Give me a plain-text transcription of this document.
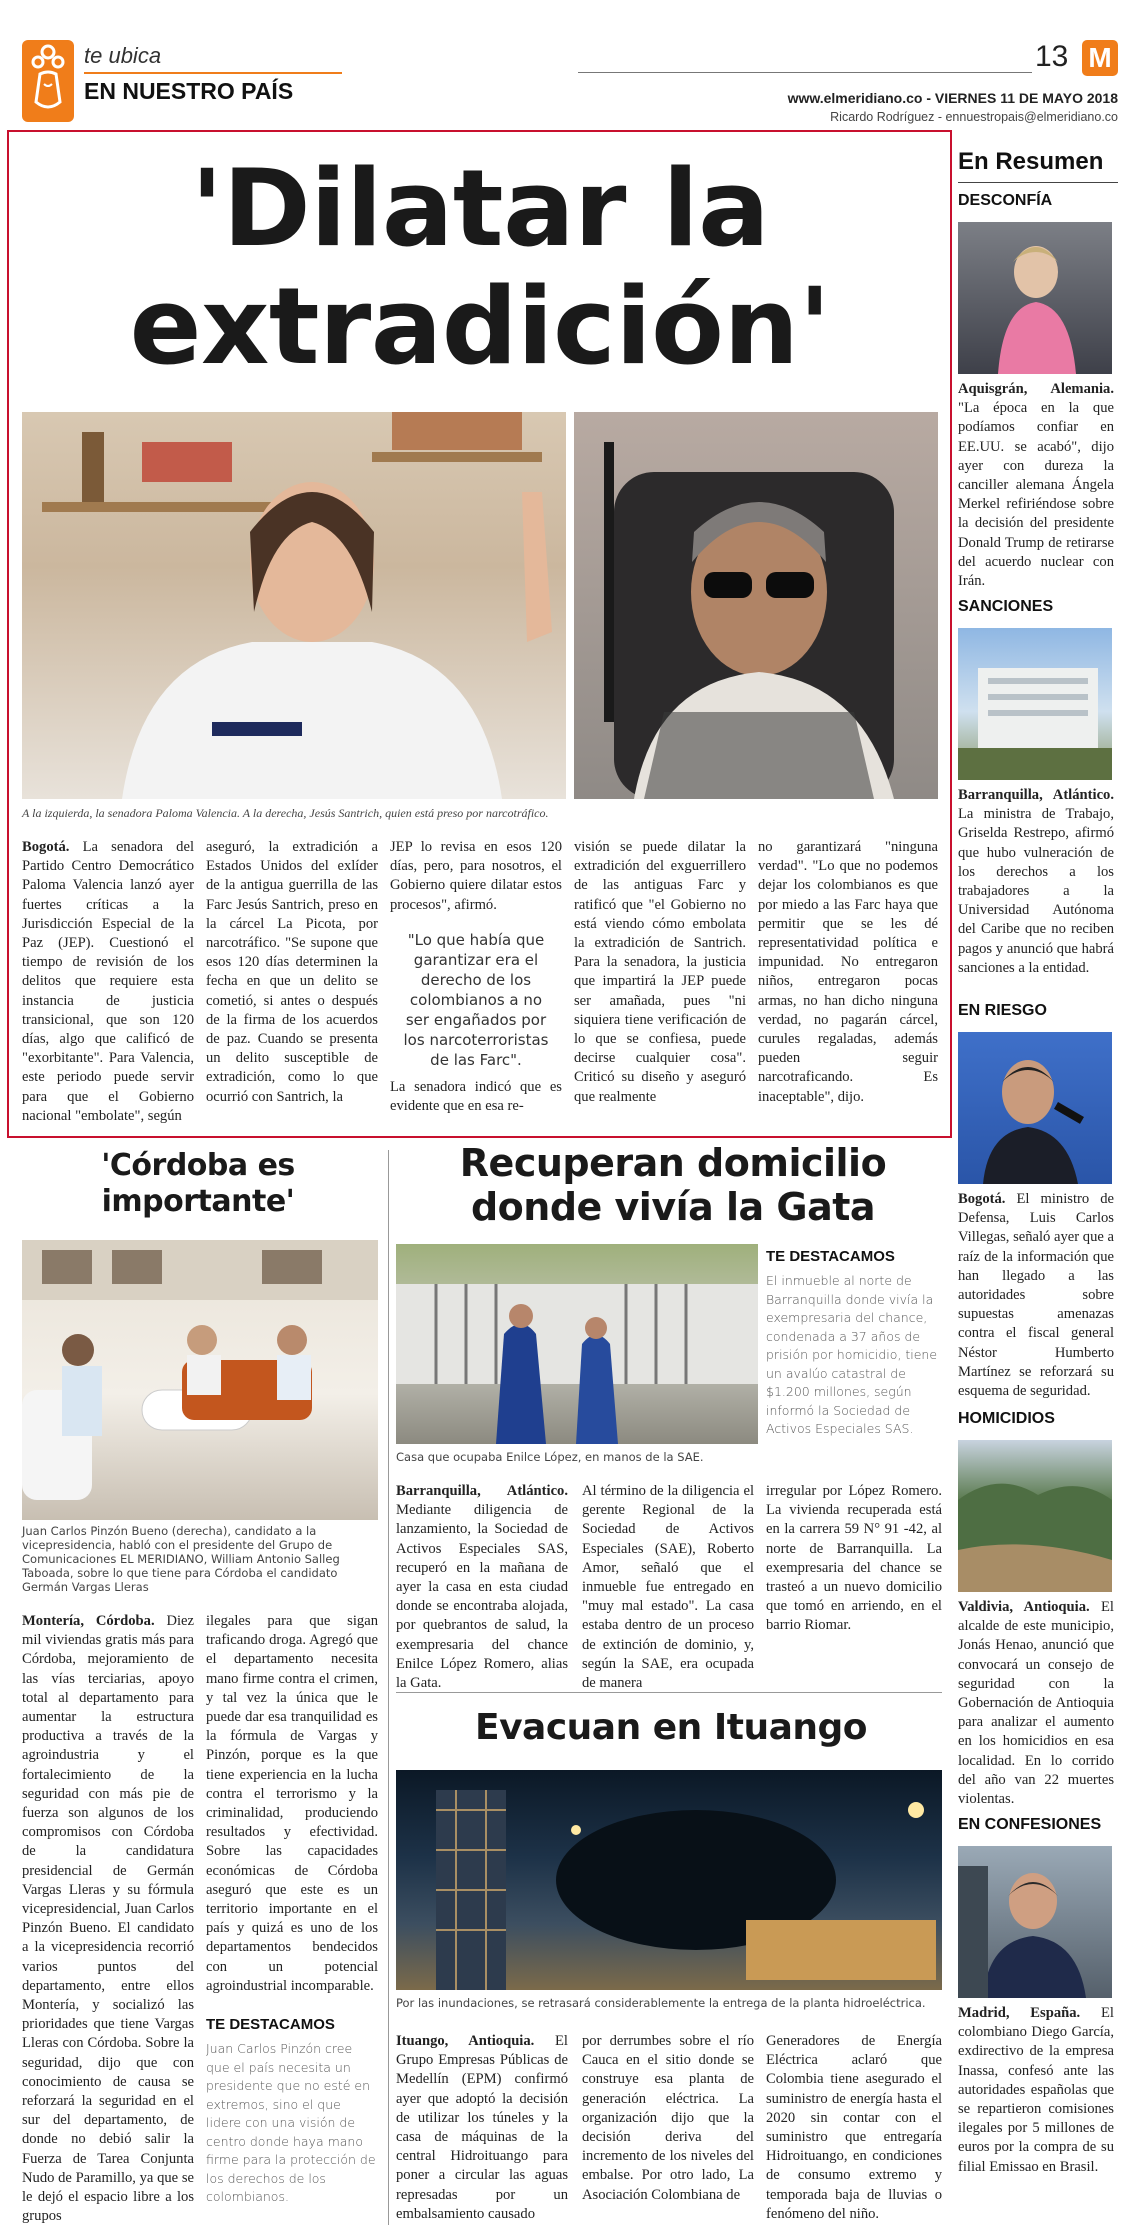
te ubica
EN NUESTRO PAÍS
13 M
www.elmeridiano.co - VIERNES 11 DE MAYO 2018
Ricardo Rodríguez - ennuestropais@elmeridiano.co
'Dilatar la
extradición'
A la izquierda, la senadora Paloma Valencia. A la derecha, Jesús Santrich, quien está preso por narcotráfico.

Bogotá. La senadora del Partido Centro Democrático Paloma Valencia lanzó ayer fuertes críticas a la Jurisdicción Especial de la Paz (JEP). Cuestionó el tiempo de revisión de los delitos que requiere esta instancia de justicia transicional, que son 120 días, algo que calificó de "exorbitante". Para Valencia, este periodo puede servir para que el Gobierno nacional "embolate", según

aseguró, la extradición a Estados Unidos del exlíder de la antigua guerrilla de las Farc Jesús Santrich, preso en la cárcel La Picota, por narcotráfico. "Se supone que esos 120 días determinen la fecha en que un delito se cometió, si antes o después de la firma de los acuerdos de paz. Cuando se presenta un delito susceptible de extradición, como lo que ocurrió con Santrich, la

JEP lo revisa en esos 120 días, pero, para nosotros, el Gobierno quiere dilatar estos procesos", afirmó.

"Lo que había que garantizar era el derecho de los colombianos a no ser engañados por los narcoterroristas de las Farc".

La senadora indicó que es evidente que en esa re-

visión se puede dilatar la extradición del exguerrillero de las antiguas Farc y ratificó que "el Gobierno no está viendo cómo embolata la extradición de Santrich. Para la senadora, la justicia que impartirá la JEP puede ser amañada, pues "ni siquiera tiene verificación de lo que se confiesa, puede decirse cualquier cosa". Criticó su diseño y aseguró que realmente

no garantizará "ninguna verdad". "Lo que no podemos dejar los colombianos es que por miedo a las Farc haya que permitir que se les dé representatividad política e impunidad. No entregaron niños, entregaron pocas armas, no han dicho ninguna verdad, no pagarán cárcel, curules regaladas, además pueden seguir narcotraficando. Es inaceptable", dijo.

En Resumen
DESCONFÍA
Aquisgrán, Alemania. "La época en la que podíamos confiar en EE.UU. se acabó", dijo ayer con dureza la canciller alemana Ángela Merkel refiriéndose sobre la decisión del presidente Donald Trump de retirarse del acuerdo nuclear con Irán.
SANCIONES
Barranquilla, Atlántico. La ministra de Trabajo, Griselda Restrepo, afirmó que hubo vulneración de los derechos a los trabajadores a la Universidad Autónoma del Caribe que no reciben pagos y anunció que habrá sanciones a la entidad.
EN RIESGO
Bogotá. El ministro de Defensa, Luis Carlos Villegas, señaló ayer que a raíz de la información que han llegado a las autoridades sobre supuestas amenazas contra el fiscal general Néstor Humberto Martínez se reforzará su esquema de seguridad.
HOMICIDIOS
Valdivia, Antioquia. El alcalde de este municipio, Jonás Henao, anunció que convocará un consejo de seguridad con la Gobernación de Antioquia para analizar el aumento en los homicidios en esa localidad. En lo corrido del año van 22 muertes violentas.
EN CONFESIONES
Madrid, España. El colombiano Diego García, exdirectivo de la empresa Inassa, confesó ante las autoridades españolas que se repartieron comisiones ilegales por 5 millones de euros por la compra de su filial Emissao en Brasil.
'Córdoba es
importante'
Juan Carlos Pinzón Bueno (derecha), candidato a la vicepresidencia, habló con el presidente del Grupo de Comunicaciones EL MERIDIANO, William Antonio Salleg Taboada, sobre lo que tiene para Córdoba el candidato Germán Vargas Lleras

Montería, Córdoba. Diez mil viviendas gratis más para Córdoba, mejoramiento de las vías terciarias, apoyo total al departamento para aumentar la estructura productiva a través de la agroindustria y el fortalecimiento de la seguridad con más pie de fuerza son algunos de los compromisos con Córdoba de la candidatura presidencial de Germán Vargas Lleras y su fórmula vicepresidencial, Juan Carlos Pinzón Bueno. El candidato a la vicepresidencia recorrió varios puntos del departamento, entre ellos Montería, y socializó las prioridades que tiene Vargas Lleras con Córdoba. Sobre la seguridad, dijo que con conocimiento de causa se reforzará la seguridad en el sur del departamento, de donde no debió salir la Fuerza de Tarea Conjunta Nudo de Paramillo, ya que se le dejó el espacio libre a los grupos

ilegales para que sigan traficando droga. Agregó que el departamento necesita mano firme contra el crimen, y tal vez la única que le puede dar esa tranquilidad es la fórmula de Vargas y Pinzón, porque es la que tiene experiencia en la lucha contra el terrorismo y la criminalidad, produciendo resultados y efectividad. Sobre las capacidades económicas de Córdoba aseguró que este es un territorio importante en el país y quizá es uno de los departamentos bendecidos con un potencial agroindustrial incomparable.

TE DESTACAMOS
Juan Carlos Pinzón cree que el país necesita un presidente que no esté en extremos, sino el que lidere con una visión de centro donde haya mano firme para la protección de los derechos de los colombianos.
Recuperan domicilio
donde vivía la Gata
Casa que ocupaba Enilce López, en manos de la SAE.
TE DESTACAMOS
El inmueble al norte de Barranquilla donde vivía la exempresaria del chance, condenada a 37 años de prisión por homicidio, tiene un avalúo catastral de $1.200 millones, según informó la Sociedad de Activos Especiales SAS.

Barranquilla, Atlántico. Mediante diligencia de lanzamiento, la Sociedad de Activos Especiales SAS, recuperó en la mañana de ayer la casa en esta ciudad donde se encontraba alojada, por quebrantos de salud, la exempresaria del chance Enilce López Romero, alias la Gata.

Al término de la diligencia el gerente Regional de la Sociedad de Activos Especiales (SAE), Roberto Amor, señaló que el inmueble fue entregado en "muy mal estado". La casa estaba dentro de un proceso de extinción de dominio, y, según la SAE, era ocupada de manera

irregular por López Romero. La vivienda recuperada está en la carrera 59 N° 91 -42, al norte de Barranquilla. La exempresaria del chance se trasteó a un nuevo domicilio que tomó en arriendo, en el barrio Riomar.

Evacuan en Ituango
Por las inundaciones, se retrasará considerablemente la entrega de la planta hidroeléctrica.

Ituango, Antioquia. El Grupo Empresas Públicas de Medellín (EPM) confirmó ayer que adoptó la decisión de utilizar los túneles y la casa de máquinas de la central Hidroituango para poner a circular las aguas represadas por un embalsamiento causado

por derrumbes sobre el río Cauca en el sitio donde se construye esa planta de generación eléctrica. La organización dijo que la decisión deriva del incremento de los niveles del embalse. Por otro lado, La Asociación Colombiana de

Generadores de Energía Eléctrica aclaró que Colombia tiene asegurado el suministro de energía hasta el 2020 sin contar con el suministro que entregaría Hidroituango, en condiciones de consumo extremo y temporada baja de lluvias o fenómeno del niño.
